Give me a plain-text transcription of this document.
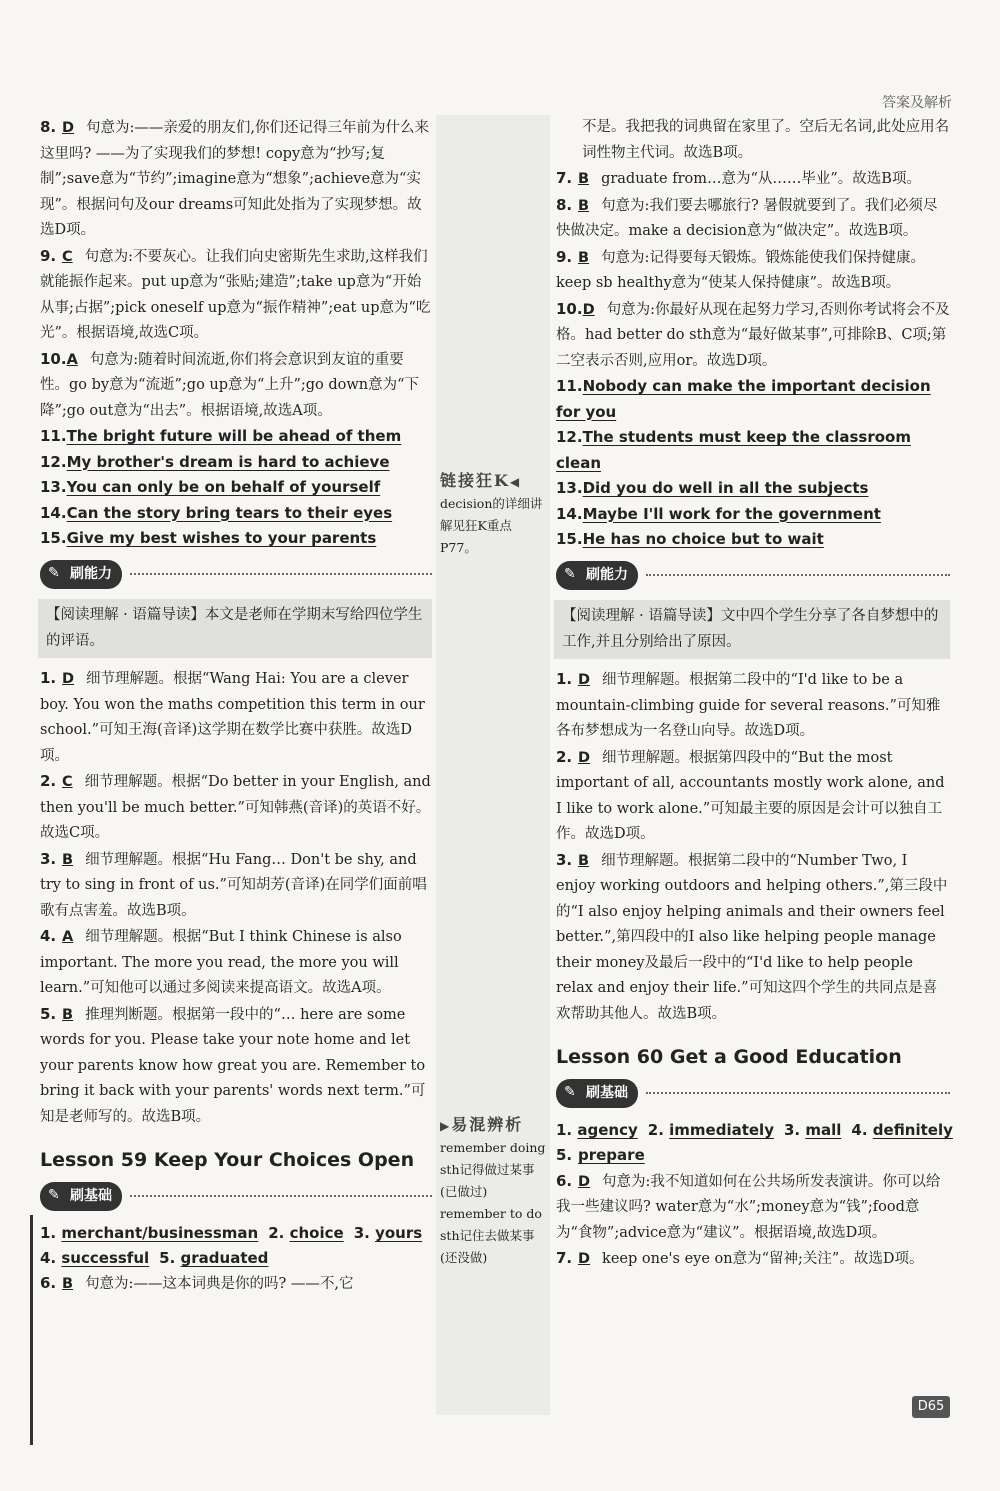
答案及解析
8. D 句意为:——亲爱的朋友们,你们还记得三年前为什么来这里吗? ——为了实现我们的梦想! copy意为“抄写;复制”;save意为“节约”;imagine意为“想象”;achieve意为“实现”。根据问句及our dreams可知此处指为了实现梦想。故选D项。
9. C 句意为:不要灰心。让我们向史密斯先生求助,这样我们就能振作起来。put up意为“张贴;建造”;take up意为“开始从事;占据”;pick oneself up意为“振作精神”;eat up意为“吃光”。根据语境,故选C项。
10.A 句意为:随着时间流逝,你们将会意识到友谊的重要性。go by意为“流逝”;go up意为“上升”;go down意为“下降”;go out意为“出去”。根据语境,故选A项。
11.The bright future will be ahead of them
12.My brother's dream is hard to achieve
13.You can only be on behalf of yourself
14.Can the story bring tears to their eyes
15.Give my best wishes to your parents
✎ 刷能力
【阅读理解 · 语篇导读】本文是老师在学期末写给四位学生的评语。
1. D 细节理解题。根据“Wang Hai: You are a clever boy. You won the maths competition this term in our school.”可知王海(音译)这学期在数学比赛中获胜。故选D项。
2. C 细节理解题。根据“Do better in your English, and then you'll be much better.”可知韩燕(音译)的英语不好。故选C项。
3. B 细节理解题。根据“Hu Fang… Don't be shy, and try to sing in front of us.”可知胡芳(音译)在同学们面前唱歌有点害羞。故选B项。
4. A 细节理解题。根据“But I think Chinese is also important. The more you read, the more you will learn.”可知他可以通过多阅读来提高语文。故选A项。
5. B 推理判断题。根据第一段中的“… here are some words for you. Please take your note home and let your parents know how great you are. Remember to bring it back with your parents' words next term.”可知是老师写的。故选B项。
Lesson 59 Keep Your Choices Open
✎ 刷基础
1. merchant/businessman 2. choice 3. yours
4. successful 5. graduated
6. B 句意为:——这本词典是你的吗? ——不,它
链接狂K◀
decision的详细讲解见狂K重点P77。
▶易混辨析
remember doing sth记得做过某事(已做过)
remember to do sth记住去做某事(还没做)
不是。我把我的词典留在家里了。空后无名词,此处应用名词性物主代词。故选B项。
7. B graduate from…意为“从……毕业”。故选B项。
8. B 句意为:我们要去哪旅行? 暑假就要到了。我们必须尽快做决定。make a decision意为“做决定”。故选B项。
9. B 句意为:记得要每天锻炼。锻炼能使我们保持健康。keep sb healthy意为“使某人保持健康”。故选B项。
10.D 句意为:你最好从现在起努力学习,否则你考试将会不及格。had better do sth意为“最好做某事”,可排除B、C项;第二空表示否则,应用or。故选D项。
11.Nobody can make the important decision for you
12.The students must keep the classroom clean
13.Did you do well in all the subjects
14.Maybe I'll work for the government
15.He has no choice but to wait
✎ 刷能力
【阅读理解 · 语篇导读】文中四个学生分享了各自梦想中的工作,并且分别给出了原因。
1. D 细节理解题。根据第二段中的“I'd like to be a mountain-climbing guide for several reasons.”可知雅各布梦想成为一名登山向导。故选D项。
2. D 细节理解题。根据第四段中的“But the most important of all, accountants mostly work alone, and I like to work alone.”可知最主要的原因是会计可以独自工作。故选D项。
3. B 细节理解题。根据第二段中的“Number Two, I enjoy working outdoors and helping others.”,第三段中的“I also enjoy helping animals and their owners feel better.”,第四段中的I also like helping people manage their money及最后一段中的“I'd like to help people relax and enjoy their life.”可知这四个学生的共同点是喜欢帮助其他人。故选B项。
Lesson 60 Get a Good Education
✎ 刷基础
1. agency 2. immediately 3. mall 4. definitely
5. prepare
6. D 句意为:我不知道如何在公共场所发表演讲。你可以给我一些建议吗? water意为“水”;money意为“钱”;food意为“食物”;advice意为“建议”。根据语境,故选D项。
7. D keep one's eye on意为“留神;关注”。故选D项。
D65
